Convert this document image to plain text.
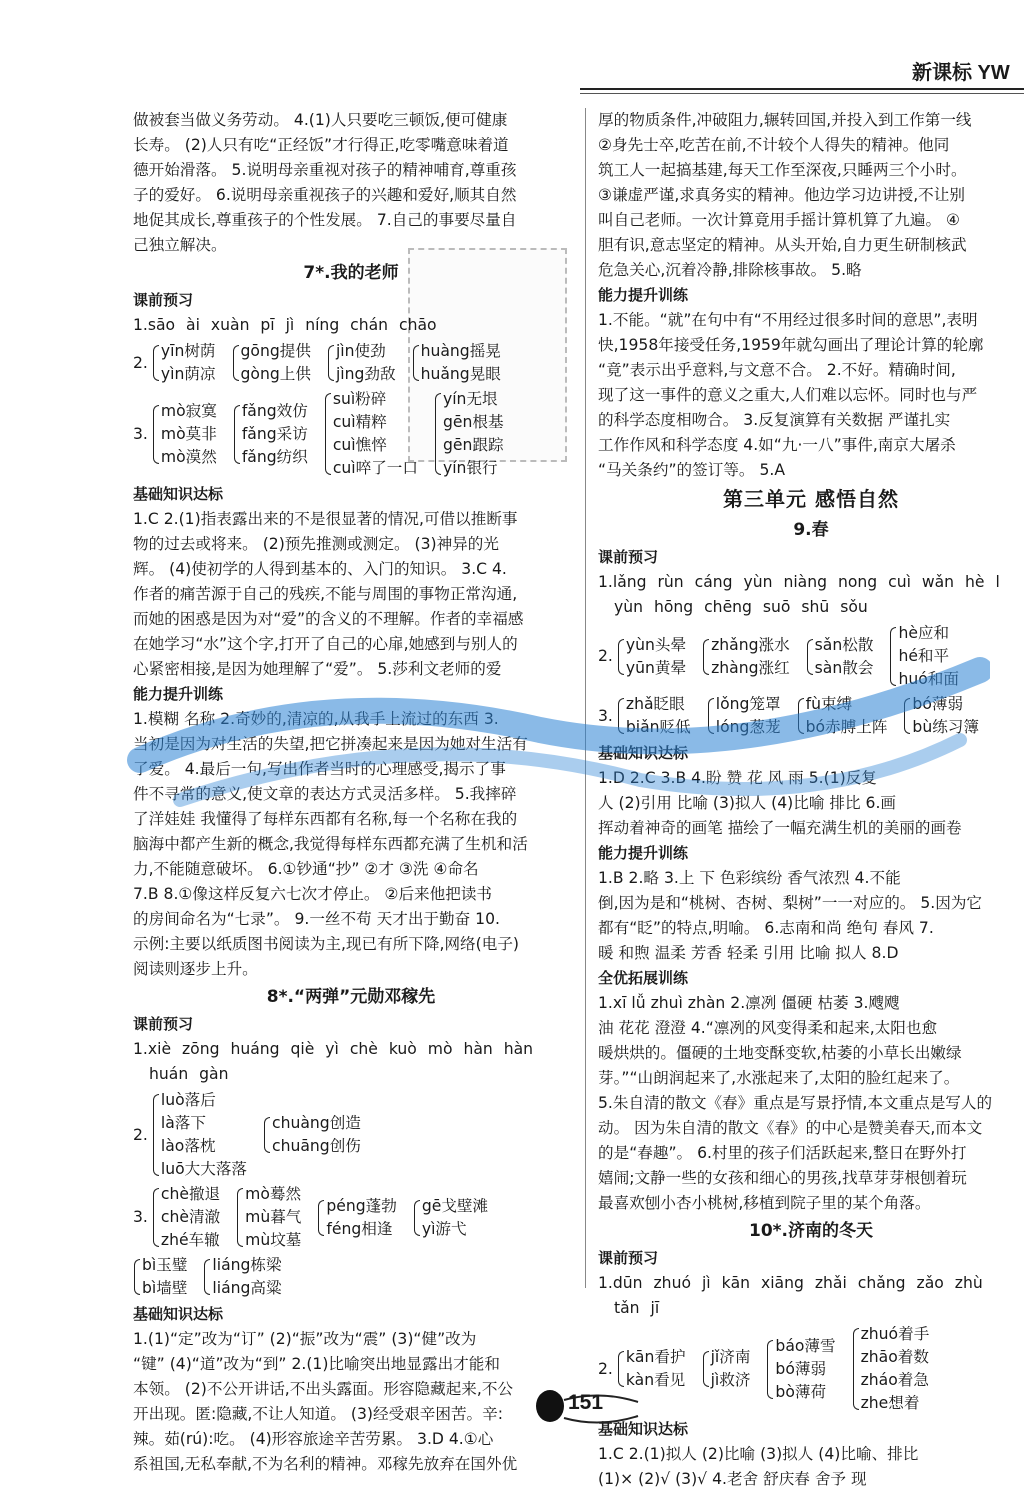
新课标 YW
做被套当做义务劳动。 4.(1)人只要吃三顿饭,便可健康
长寿。 (2)人只有吃“正经饭”才行得正,吃零嘴意味着道
德开始滑落。 5.说明母亲重视对孩子的精神哺育,尊重孩
子的爱好。 6.说明母亲重视孩子的兴趣和爱好,顺其自然
地促其成长,尊重孩子的个性发展。 7.自己的事要尽量自
己独立解决。
7*.我的老师
课前预习
1.sāo ài xuàn pī jì níng chán chāo
2.
yīn树荫
yìn荫凉
gōng提供
gòng上供
jìn使劲
jìng劲敌
huàng摇晃
huǎng晃眼
3.
mò寂寞
mò莫非
mò漠然
fǎng效仿
fǎng采访
fǎng纺织
suì粉碎
cuì精粹
cuì憔悴
cuì啐了一口
yín无垠
gēn根基
gēn跟踪
yín银行
基础知识达标
1.C 2.(1)指表露出来的不是很显著的情况,可借以推断事
物的过去或将来。 (2)预先推测或测定。 (3)神异的光
辉。 (4)使初学的人得到基本的、入门的知识。 3.C 4.
作者的痛苦源于自己的残疾,不能与周围的事物正常沟通,
而她的困惑是因为对“爱”的含义的不理解。作者的幸福感
在她学习“水”这个字,打开了自己的心扉,她感到与别人的
心紧密相接,是因为她理解了“爱”。 5.莎利文老师的爱
能力提升训练
1.模糊 名称 2.奇妙的,清凉的,从我手上流过的东西 3.
当初是因为对生活的失望,把它拼凑起来是因为她对生活有
了爱。 4.最后一句,写出作者当时的心理感受,揭示了事
件不寻常的意义,使文章的表达方式灵活多样。 5.我摔碎
了洋娃娃 我懂得了每样东西都有名称,每一个名称在我的
脑海中都产生新的概念,我觉得每样东西都充满了生机和活
力,不能随意破坏。 6.①钞通“抄” ②才 ③洗 ④命名
7.B 8.①像这样反复六七次才停止。 ②后来他把读书
的房间命名为“七录”。 9.一丝不苟 天才出于勤奋 10.
示例:主要以纸质图书阅读为主,现已有所下降,网络(电子)
阅读则逐步上升。
8*.“两弹”元勋邓稼先
课前预习
1.xiè zōng huáng qiè yì chè kuò mò hàn hàn
huán gàn
2.
luò落后
là落下
lào落枕
luō大大落落
chuàng创造
chuāng创伤
3.
chè撤退
chè清澈
zhé车辙
mò蓦然
mù暮气
mù坟墓
péng蓬勃
féng相逢
gē戈壁滩
yì游弋
bì玉璧
bì墙壁
liáng栋梁
liáng高粱
基础知识达标
1.(1)“定”改为“订” (2)“振”改为“震” (3)“健”改为
“键” (4)“道”改为“到” 2.(1)比喻突出地显露出才能和
本领。 (2)不公开讲话,不出头露面。形容隐藏起来,不公
开出现。匿:隐藏,不让人知道。 (3)经受艰辛困苦。辛:
辣。茹(rú):吃。 (4)形容旅途辛苦劳累。 3.D 4.①心
系祖国,无私奉献,不为名利的精神。邓稼先放弃在国外优
厚的物质条件,冲破阻力,辗转回国,并投入到工作第一线
②身先士卒,吃苦在前,不计较个人得失的精神。他同
筑工人一起搞基建,每天工作至深夜,只睡两三个小时。
③谦虚严谨,求真务实的精神。他边学习边讲授,不让别
叫自己老师。一次计算竟用手摇计算机算了九遍。 ④
胆有识,意志坚定的精神。从头开始,自力更生研制核武
危急关心,沉着冷静,排除核事故。 5.略
能力提升训练
1.不能。“就”在句中有“不用经过很多时间的意思”,表明
快,1958年接受任务,1959年就勾画出了理论计算的轮廓
“竟”表示出乎意料,与文意不合。 2.不好。精确时间,
现了这一事件的意义之重大,人们难以忘怀。同时也与严
的科学态度相吻合。 3.反复演算有关数据 严谨扎实
工作作风和科学态度 4.如“九·一八”事件,南京大屠杀
“马关条约”的签订等。 5.A
第三单元 感悟自然
9.春
课前预习
1.lǎng rùn cáng yùn niàng nong cuì wǎn hè l
yùn hōng chēng suō shū sǒu
2.
yùn头晕
yūn黄晕
zhǎng涨水
zhàng涨红
sǎn松散
sàn散会
hè应和
hé和平
huó和面
3.
zhǎ眨眼
biǎn贬低
lǒng笼罩
lóng葱茏
fù束缚
bó赤膊上阵
bó薄弱
bù练习簿
基础知识达标
1.D 2.C 3.B 4.盼 赞 花 风 雨 5.(1)反复
人 (2)引用 比喻 (3)拟人 (4)比喻 排比 6.画
挥动着神奇的画笔 描绘了一幅充满生机的美丽的画卷
能力提升训练
1.B 2.略 3.上 下 色彩缤纷 香气浓烈 4.不能
倒,因为是和“桃树、杏树、梨树”一一对应的。 5.因为它
都有“眨”的特点,明喻。 6.志南和尚 绝句 春风 7.
暖 和煦 温柔 芳香 轻柔 引用 比喻 拟人 8.D
全优拓展训练
1.xī lǚ zhuì zhàn 2.凛冽 僵硬 枯萎 3.飕飕
油 花花 澄澄 4.“凛冽的风变得柔和起来,太阳也愈
暖烘烘的。僵硬的土地变酥变软,枯萎的小草长出嫩绿
芽。”“山朗润起来了,水涨起来了,太阳的脸红起来了。
5.朱自清的散文《春》重点是写景抒情,本文重点是写人的
动。 因为朱自清的散文《春》的中心是赞美春天,而本文
的是“春趣”。 6.村里的孩子们活跃起来,整日在野外打
嬉闹;文静一些的女孩和细心的男孩,找草芽芽根刨着玩
最喜欢刨小杏小桃树,移植到院子里的某个角落。
10*.济南的冬天
课前预习
1.dūn zhuó jì kān xiāng zhǎi chǎng zǎo zhù
tǎn jī
2.
kān看护
kàn看见
jǐ济南
jì救济
báo薄雪
bó薄弱
bò薄荷
zhuó着手
zhāo着数
zháo着急
zhe想着
基础知识达标
1.C 2.(1)拟人 (2)比喻 (3)拟人 (4)比喻、排比
(1)× (2)√ (3)√ 4.老舍 舒庆春 舍予 现
151
